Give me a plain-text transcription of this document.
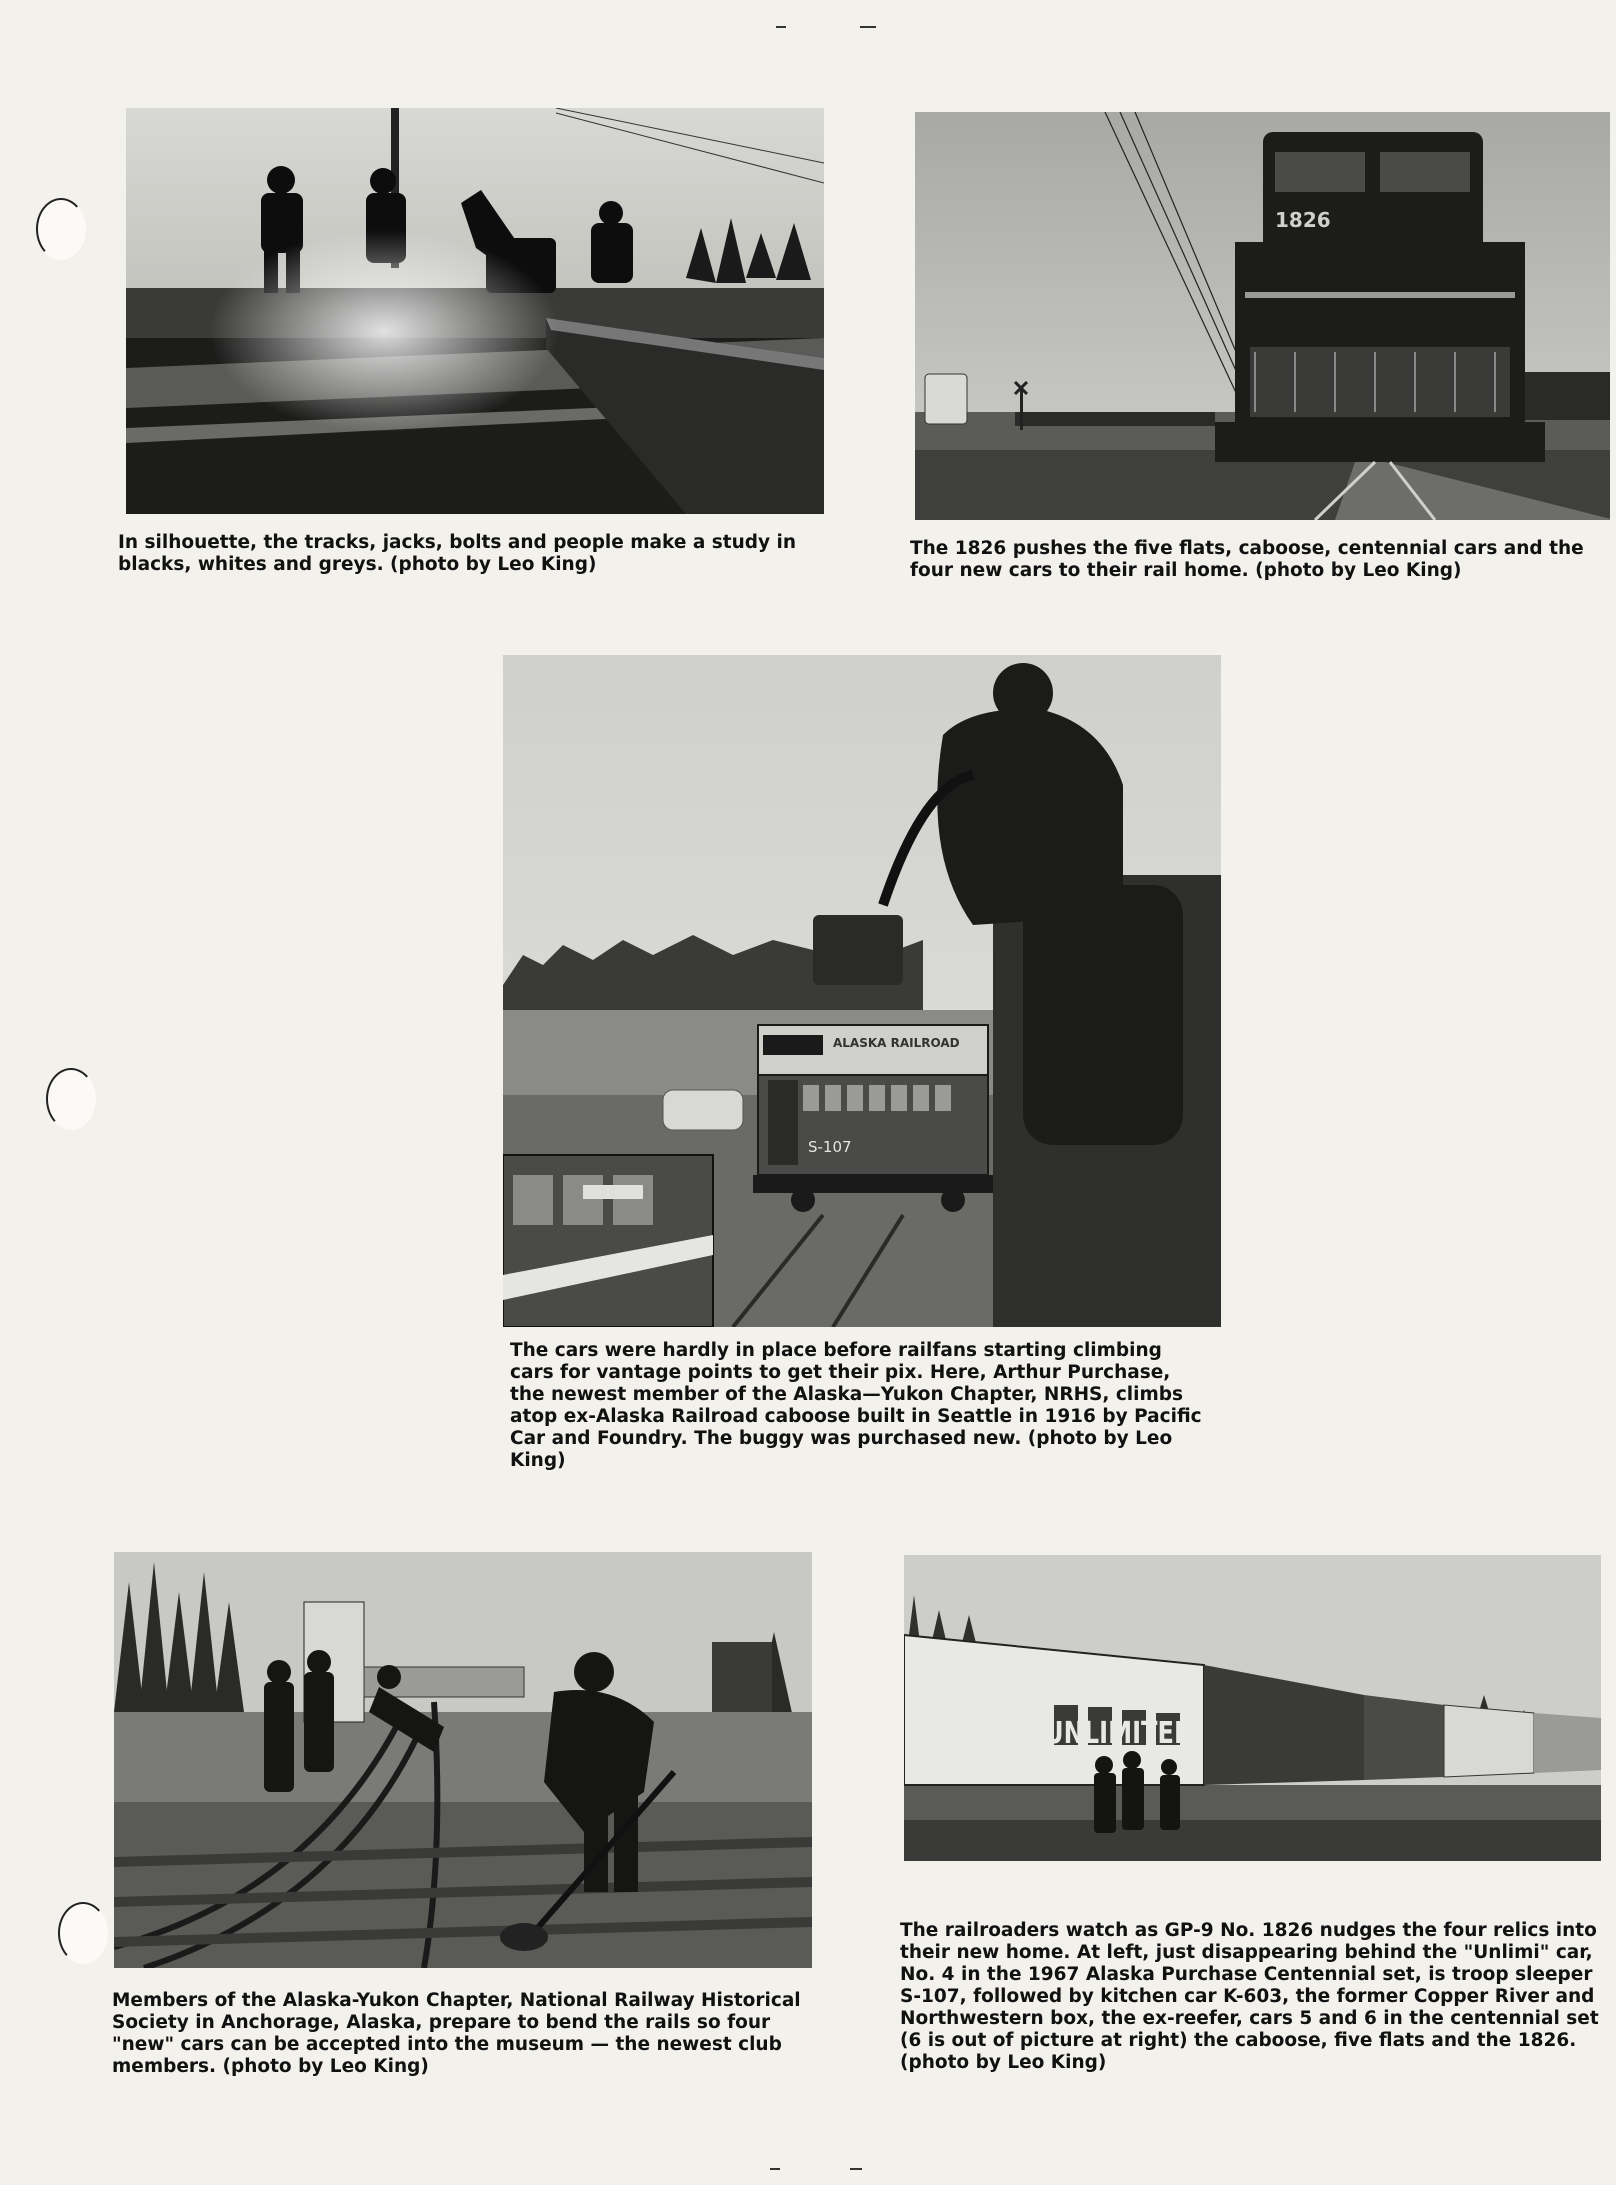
In silhouette, the tracks, jacks, bolts and people make a study in blacks, whites and greys. (photo by Leo King)

1826

The 1826 pushes the five flats, caboose, centennial cars and the four new cars to their rail home. (photo by Leo King)

ALASKA RAILROAD
S-107

The cars were hardly in place before railfans starting climbing cars for vantage points to get their pix. Here, Arthur Purchase, the newest member of the Alaska—Yukon Chapter, NRHS, climbs atop ex-Alaska Railroad caboose built in Seattle in 1916 by Pacific Car and Foundry. The buggy was purchased new. (photo by Leo King)

Members of the Alaska-Yukon Chapter, National Railway Historical Society in Anchorage, Alaska, prepare to bend the rails so four "new" cars can be accepted into the museum — the newest club members. (photo by Leo King)

UNLIMITED

The railroaders watch as GP-9 No. 1826 nudges the four relics into their new home. At left, just disappearing behind the "Unlimi" car, No. 4 in the 1967 Alaska Purchase Centennial set, is troop sleeper S-107, followed by kitchen car K-603, the former Copper River and Northwestern box, the ex-reefer, cars 5 and 6 in the centennial set (6 is out of picture at right) the caboose, five flats and the 1826. (photo by Leo King)
